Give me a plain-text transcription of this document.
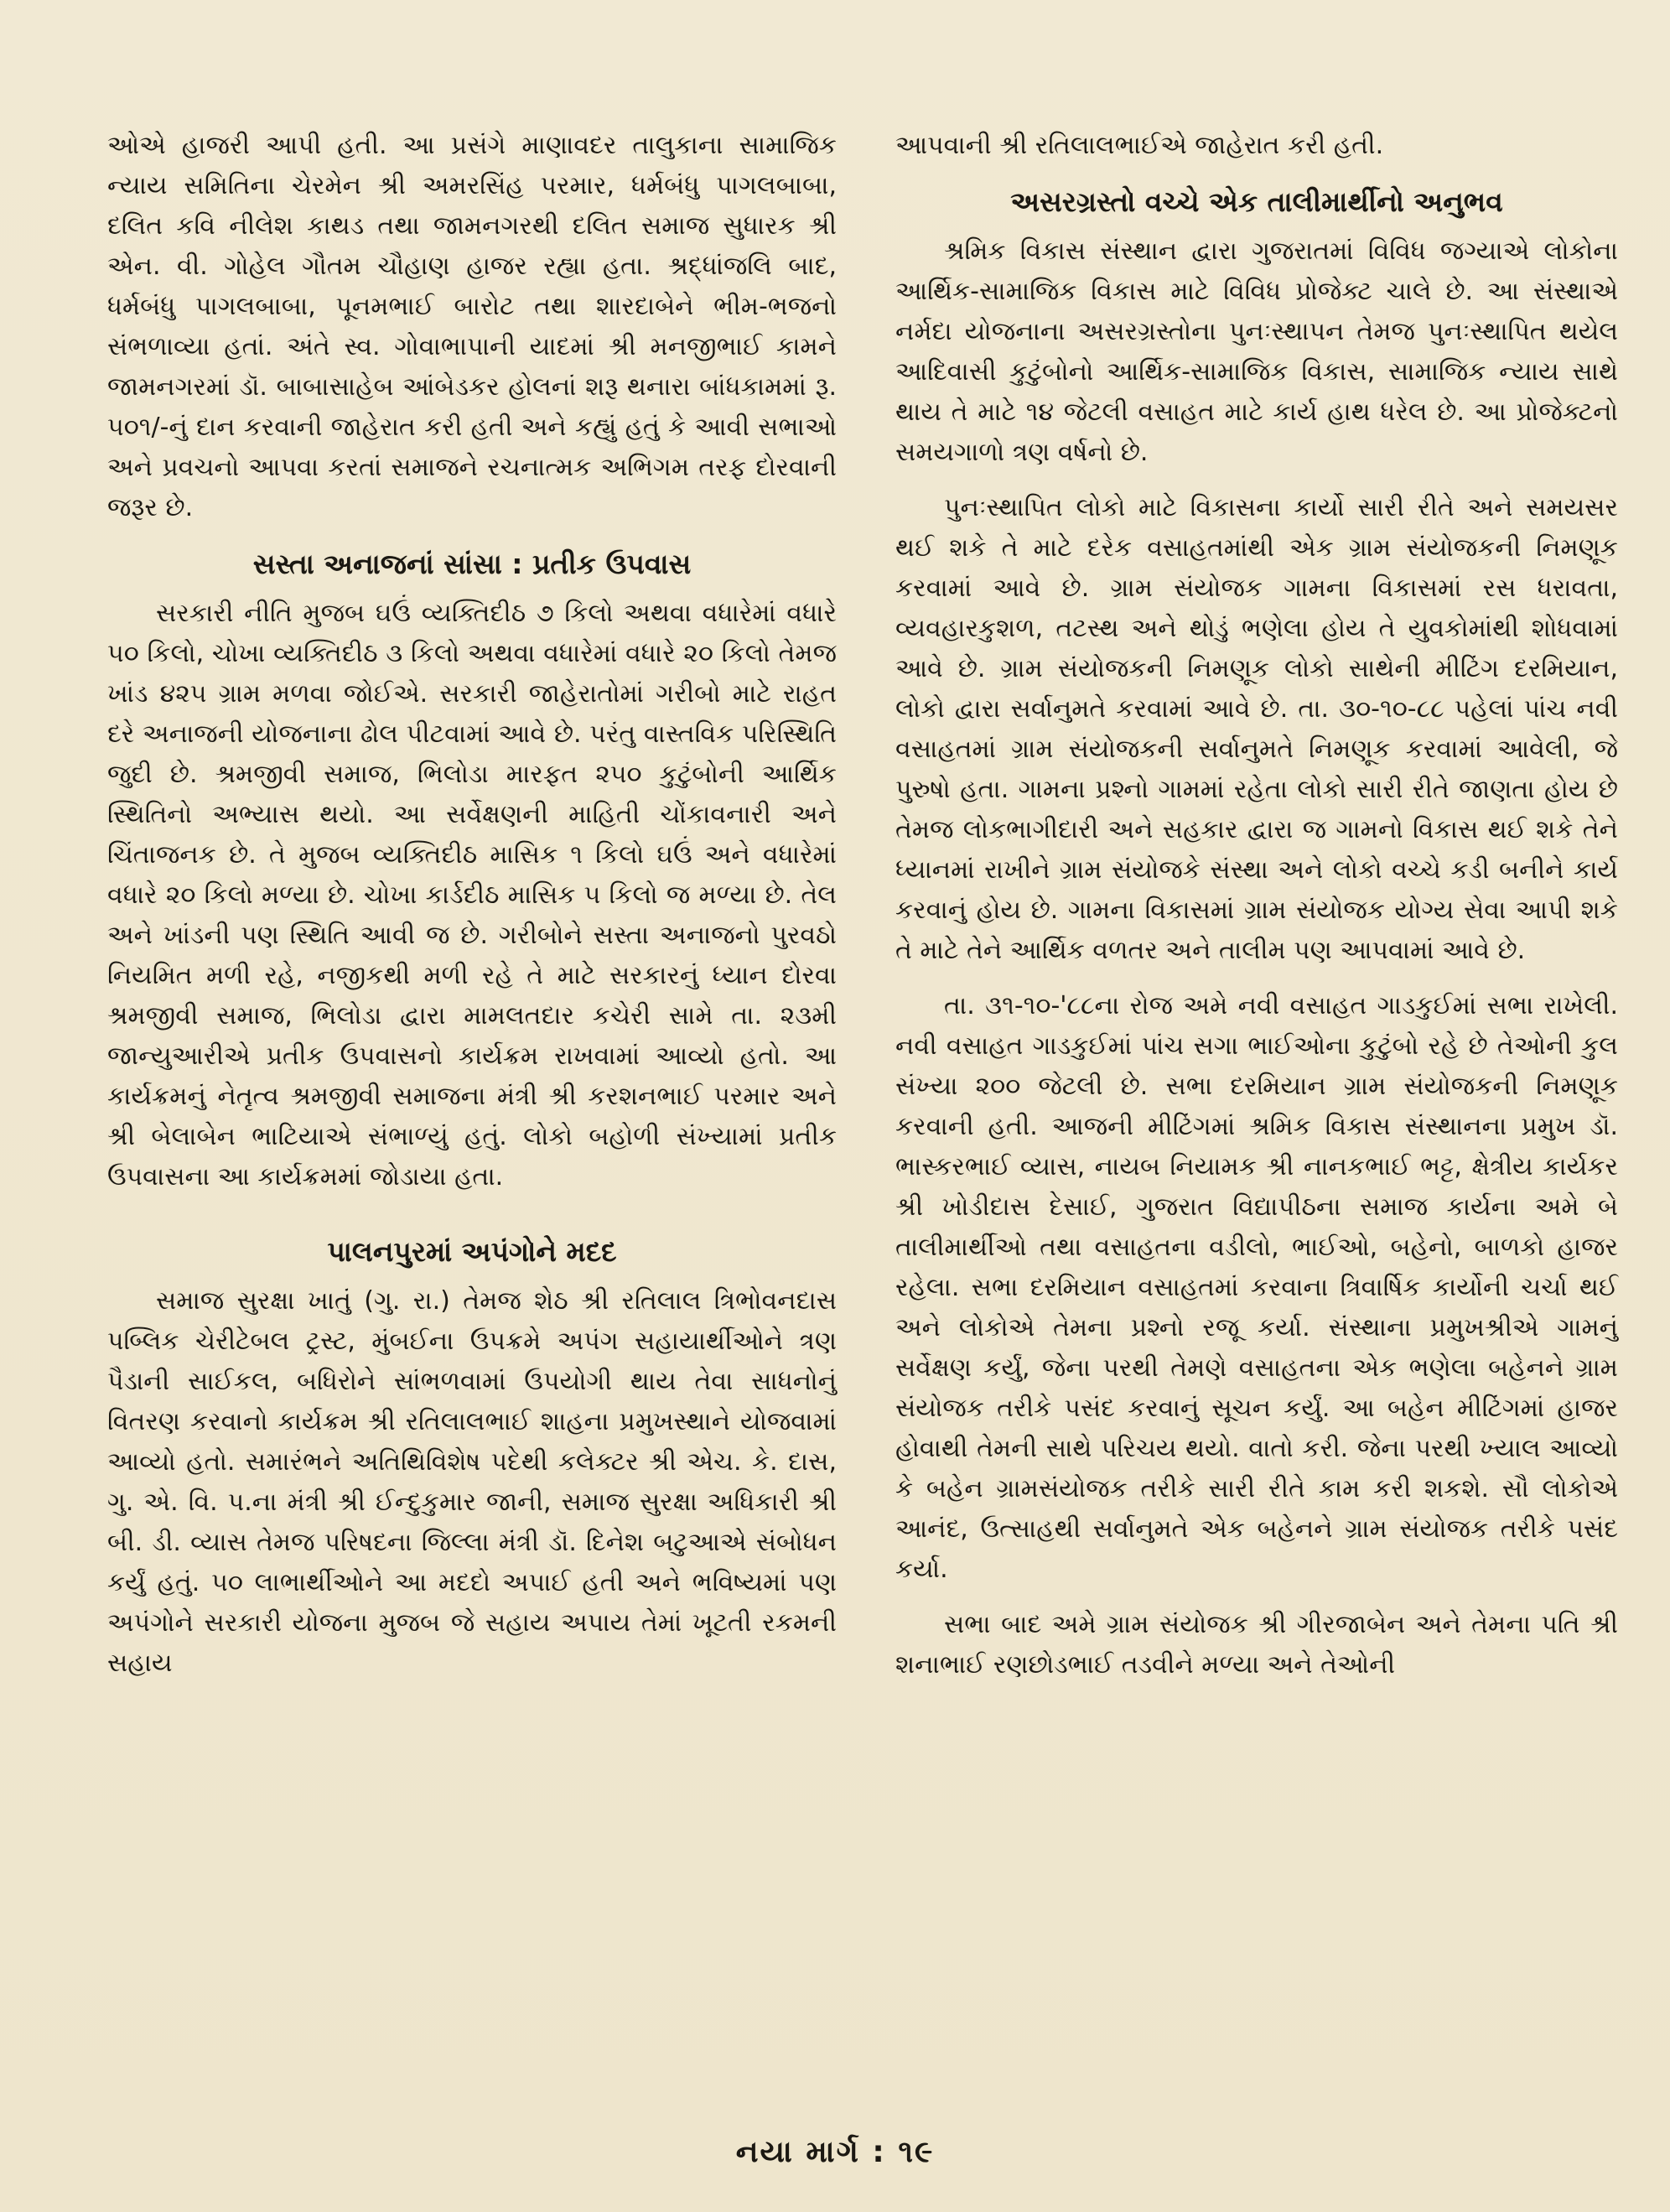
ઓએ હાજરી આપી હતી. આ પ્રસંગે માણાવદર તાલુકાના સામાજિક ન્યાય સમિતિના ચેરમેન શ્રી અમરસિંહ પરમાર, ધર્મબંધુ પાગલબાબા, દલિત કવિ નીલેશ કાથડ તથા જામનગરથી દલિત સમાજ સુધારક શ્રી એન. વી. ગોહેલ ગૌતમ ચૌહાણ હાજર રહ્યા હતા. શ્રદ્ધાંજલિ બાદ, ધર્મબંધુ પાગલબાબા, પૂનમભાઈ બારોટ તથા શારદાબેને ભીમ-ભજનો સંભળાવ્યા હતાં. અંતે સ્વ. ગોવાભાપાની યાદમાં શ્રી મનજીભાઈ કામને જામનગરમાં ડૉ. બાબાસાહેબ આંબેડકર હોલનાં શરૂ થનારા બાંધકામમાં રૂ. ૫૦૧/-નું દાન કરવાની જાહેરાત કરી હતી અને કહ્યું હતું કે આવી સભાઓ અને પ્રવચનો આપવા કરતાં સમાજને રચનાત્મક અભિગમ તરફ દોરવાની જરૂર છે.

સસ્તા અનાજનાં સાંસા : પ્રતીક ઉપવાસ

સરકારી નીતિ મુજબ ઘઉં વ્યક્તિદીઠ ૭ કિલો અથવા વધારેમાં વધારે ૫૦ કિલો, ચોખા વ્યક્તિદીઠ ૩ કિલો અથવા વધારેમાં વધારે ૨૦ કિલો તેમજ ખાંડ ૪૨૫ ગ્રામ મળવા જોઈએ. સરકારી જાહેરાતોમાં ગરીબો માટે રાહત દરે અનાજની યોજનાના ઢોલ પીટવામાં આવે છે. પરંતુ વાસ્તવિક પરિસ્થિતિ જુદી છે. શ્રમજીવી સમાજ, ભિલોડા મારફત ૨૫૦ કુટુંબોની આર્થિક સ્થિતિનો અભ્યાસ થયો. આ સર્વેક્ષણની માહિતી ચોંકાવનારી અને ચિંતાજનક છે. તે મુજબ વ્યક્તિદીઠ માસિક ૧ કિલો ઘઉં અને વધારેમાં વધારે ૨૦ કિલો મળ્યા છે. ચોખા કાર્ડદીઠ માસિક ૫ કિલો જ મળ્યા છે. તેલ અને ખાંડની પણ સ્થિતિ આવી જ છે. ગરીબોને સસ્તા અનાજનો પુરવઠો નિયમિત મળી રહે, નજીકથી મળી રહે તે માટે સરકારનું ધ્યાન દોરવા શ્રમજીવી સમાજ, ભિલોડા દ્વારા મામલતદાર કચેરી સામે તા. ૨૩મી જાન્યુઆરીએ પ્રતીક ઉપવાસનો કાર્યક્રમ રાખવામાં આવ્યો હતો. આ કાર્યક્રમનું નેતૃત્વ શ્રમજીવી સમાજના મંત્રી શ્રી કરશનભાઈ પરમાર અને શ્રી બેલાબેન ભાટિયાએ સંભાળ્યું હતું. લોકો બહોળી સંખ્યામાં પ્રતીક ઉપવાસના આ કાર્યક્રમમાં જોડાયા હતા.

પાલનપુરમાં અપંગોને મદદ

સમાજ સુરક્ષા ખાતું (ગુ. રા.) તેમજ શેઠ શ્રી રતિલાલ ત્રિભોવનદાસ પબ્લિક ચેરીટેબલ ટ્રસ્ટ, મુંબઈના ઉપક્રમે અપંગ સહાયાર્થીઓને ત્રણ પૈડાની સાઈકલ, બધિરોને સાંભળવામાં ઉપયોગી થાય તેવા સાધનોનું વિતરણ કરવાનો કાર્યક્રમ શ્રી રતિલાલભાઈ શાહના પ્રમુખસ્થાને યોજવામાં આવ્યો હતો. સમારંભને અતિથિવિશેષ પદેથી કલેક્ટર શ્રી એચ. કે. દાસ, ગુ. એ. વિ. પ.ના મંત્રી શ્રી ઈન્દુકુમાર જાની, સમાજ સુરક્ષા અધિકારી શ્રી બી. ડી. વ્યાસ તેમજ પરિષદના જિલ્લા મંત્રી ડૉ. દિનેશ બટુઆએ સંબોધન કર્યું હતું. ૫૦ લાભાર્થીઓને આ મદદો અપાઈ હતી અને ભવિષ્યમાં પણ અપંગોને સરકારી યોજના મુજબ જે સહાય અપાય તેમાં ખૂટતી રકમની સહાય

આપવાની શ્રી રતિલાલભાઈએ જાહેરાત કરી હતી.

અસરગ્રસ્તો વચ્ચે એક તાલીમાર્થીનો અનુભવ

શ્રમિક વિકાસ સંસ્થાન દ્વારા ગુજરાતમાં વિવિધ જગ્યાએ લોકોના આર્થિક-સામાજિક વિકાસ માટે વિવિધ પ્રોજેક્ટ ચાલે છે. આ સંસ્થાએ નર્મદા યોજનાના અસરગ્રસ્તોના પુનઃસ્થાપન તેમજ પુનઃસ્થાપિત થયેલ આદિવાસી કુટુંબોનો આર્થિક-સામાજિક વિકાસ, સામાજિક ન્યાય સાથે થાય તે માટે ૧૪ જેટલી વસાહત માટે કાર્ય હાથ ધરેલ છે. આ પ્રોજેક્ટનો સમયગાળો ત્રણ વર્ષનો છે.

પુનઃસ્થાપિત લોકો માટે વિકાસના કાર્યો સારી રીતે અને સમયસર થઈ શકે તે માટે દરેક વસાહતમાંથી એક ગ્રામ સંયોજકની નિમણૂક કરવામાં આવે છે. ગ્રામ સંયોજક ગામના વિકાસમાં રસ ધરાવતા, વ્યવહારકુશળ, તટસ્થ અને થોડું ભણેલા હોય તે યુવકોમાંથી શોધવામાં આવે છે. ગ્રામ સંયોજકની નિમણૂક લોકો સાથેની મીટિંગ દરમિયાન, લોકો દ્વારા સર્વાનુમતે કરવામાં આવે છે. તા. ૩૦-૧૦-૮૮ પહેલાં પાંચ નવી વસાહતમાં ગ્રામ સંયોજકની સર્વાનુમતે નિમણૂક કરવામાં આવેલી, જે પુરુષો હતા. ગામના પ્રશ્નો ગામમાં રહેતા લોકો સારી રીતે જાણતા હોય છે તેમજ લોકભાગીદારી અને સહકાર દ્વારા જ ગામનો વિકાસ થઈ શકે તેને ધ્યાનમાં રાખીને ગ્રામ સંયોજકે સંસ્થા અને લોકો વચ્ચે કડી બનીને કાર્ય કરવાનું હોય છે. ગામના વિકાસમાં ગ્રામ સંયોજક યોગ્ય સેવા આપી શકે તે માટે તેને આર્થિક વળતર અને તાલીમ પણ આપવામાં આવે છે.

તા. ૩૧-૧૦-'૮૮ના રોજ અમે નવી વસાહત ગાડકુઈમાં સભા રાખેલી. નવી વસાહત ગાડકુઈમાં પાંચ સગા ભાઈઓના કુટુંબો રહે છે તેઓની કુલ સંખ્યા ૨૦૦ જેટલી છે. સભા દરમિયાન ગ્રામ સંયોજકની નિમણૂક કરવાની હતી. આજની મીટિંગમાં શ્રમિક વિકાસ સંસ્થાનના પ્રમુખ ડૉ. ભાસ્કરભાઈ વ્યાસ, નાયબ નિયામક શ્રી નાનકભાઈ ભટ્ટ, ક્ષેત્રીય કાર્યકર શ્રી ખોડીદાસ દેસાઈ, ગુજરાત વિદ્યાપીઠના સમાજ કાર્યના અમે બે તાલીમાર્થીઓ તથા વસાહતના વડીલો, ભાઈઓ, બહેનો, બાળકો હાજર રહેલા. સભા દરમિયાન વસાહતમાં કરવાના ત્રિવાર્ષિક કાર્યોની ચર્ચા થઈ અને લોકોએ તેમના પ્રશ્નો રજૂ કર્યા. સંસ્થાના પ્રમુખશ્રીએ ગામનું સર્વેક્ષણ કર્યું, જેના પરથી તેમણે વસાહતના એક ભણેલા બહેનને ગ્રામ સંયોજક તરીકે પસંદ કરવાનું સૂચન કર્યું. આ બહેન મીટિંગમાં હાજર હોવાથી તેમની સાથે પરિચય થયો. વાતો કરી. જેના પરથી ખ્યાલ આવ્યો કે બહેન ગ્રામસંયોજક તરીકે સારી રીતે કામ કરી શકશે. સૌ લોકોએ આનંદ, ઉત્સાહથી સર્વાનુમતે એક બહેનને ગ્રામ સંયોજક તરીકે પસંદ કર્યા.

સભા બાદ અમે ગ્રામ સંયોજક શ્રી ગીરજાબેન અને તેમના પતિ શ્રી શનાભાઈ રણછોડભાઈ તડવીને મળ્યા અને તેઓની

નયા માર્ગ : ૧૯
